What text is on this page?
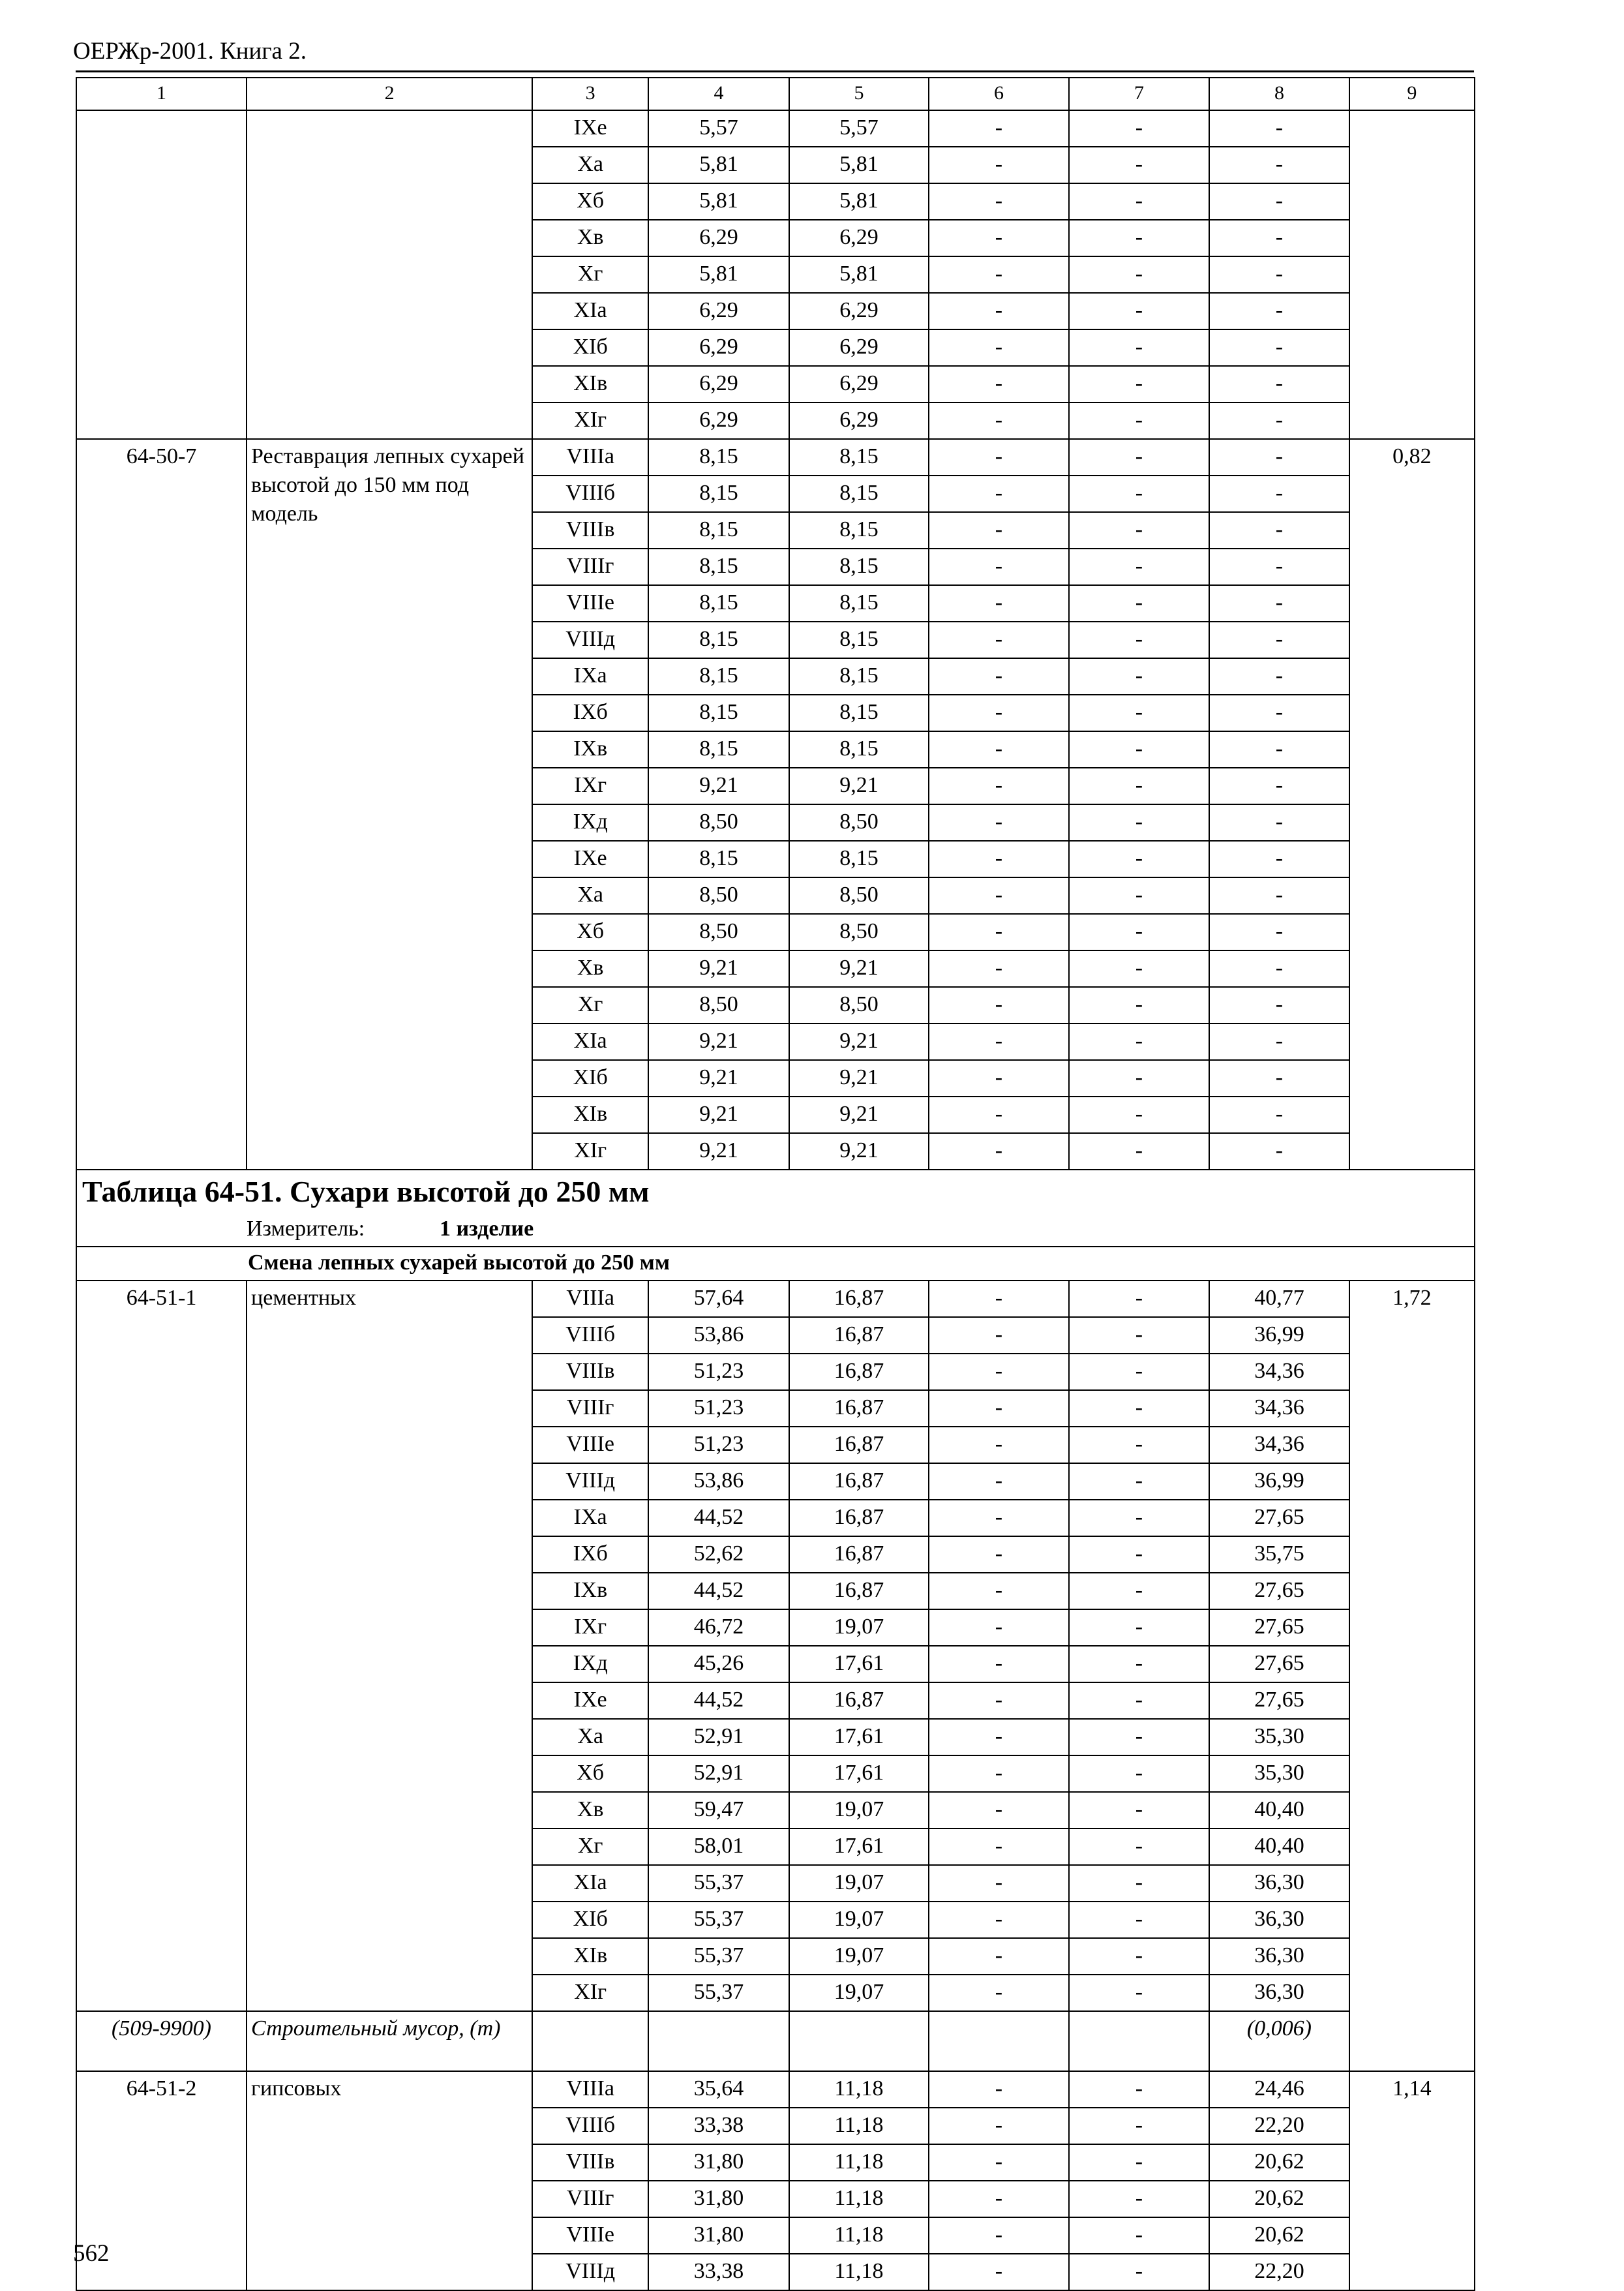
ОЕРЖр-2001. Книга 2.
1	2	3	4	5	6	7	8	9
		IXе	5,57	5,57	-	-	-	
		Xа	5,81	5,81	-	-	-	
		Xб	5,81	5,81	-	-	-	
		Xв	6,29	6,29	-	-	-	
		Xг	5,81	5,81	-	-	-	
		XIа	6,29	6,29	-	-	-	
		XIб	6,29	6,29	-	-	-	
		XIв	6,29	6,29	-	-	-	
		XIг	6,29	6,29	-	-	-	
64-50-7	Реставрация лепных сухарей высотой до 150 мм под модель	VIIIа	8,15	8,15	-	-	-	0,82
		VIIIб	8,15	8,15	-	-	-	
		VIIIв	8,15	8,15	-	-	-	
		VIIIг	8,15	8,15	-	-	-	
		VIIIе	8,15	8,15	-	-	-	
		VIIIд	8,15	8,15	-	-	-	
		IXа	8,15	8,15	-	-	-	
		IXб	8,15	8,15	-	-	-	
		IXв	8,15	8,15	-	-	-	
		IXг	9,21	9,21	-	-	-	
		IXд	8,50	8,50	-	-	-	
		IXе	8,15	8,15	-	-	-	
		Xа	8,50	8,50	-	-	-	
		Xб	8,50	8,50	-	-	-	
		Xв	9,21	9,21	-	-	-	
		Xг	8,50	8,50	-	-	-	
		XIа	9,21	9,21	-	-	-	
		XIб	9,21	9,21	-	-	-	
		XIв	9,21	9,21	-	-	-	
		XIг	9,21	9,21	-	-	-	
Таблица 64-51. Сухари высотой до 250 мм								
Измеритель: 1 изделие								
Смена лепных сухарей высотой до 250 мм								
64-51-1	цементных	VIIIа	57,64	16,87	-	-	40,77	1,72
		VIIIб	53,86	16,87	-	-	36,99	
		VIIIв	51,23	16,87	-	-	34,36	
		VIIIг	51,23	16,87	-	-	34,36	
		VIIIе	51,23	16,87	-	-	34,36	
		VIIIд	53,86	16,87	-	-	36,99	
		IXа	44,52	16,87	-	-	27,65	
		IXб	52,62	16,87	-	-	35,75	
		IXв	44,52	16,87	-	-	27,65	
		IXг	46,72	19,07	-	-	27,65	
		IXд	45,26	17,61	-	-	27,65	
		IXе	44,52	16,87	-	-	27,65	
		Xа	52,91	17,61	-	-	35,30	
		Xб	52,91	17,61	-	-	35,30	
		Xв	59,47	19,07	-	-	40,40	
		Xг	58,01	17,61	-	-	40,40	
		XIа	55,37	19,07	-	-	36,30	
		XIб	55,37	19,07	-	-	36,30	
		XIв	55,37	19,07	-	-	36,30	
		XIг	55,37	19,07	-	-	36,30	
(509-9900)	Строительный мусор, (т)						(0,006)	
64-51-2	гипсовых	VIIIа	35,64	11,18	-	-	24,46	1,14
		VIIIб	33,38	11,18	-	-	22,20	
		VIIIв	31,80	11,18	-	-	20,62	
		VIIIг	31,80	11,18	-	-	20,62	
		VIIIе	31,80	11,18	-	-	20,62	
		VIIIд	33,38	11,18	-	-	22,20	
562
